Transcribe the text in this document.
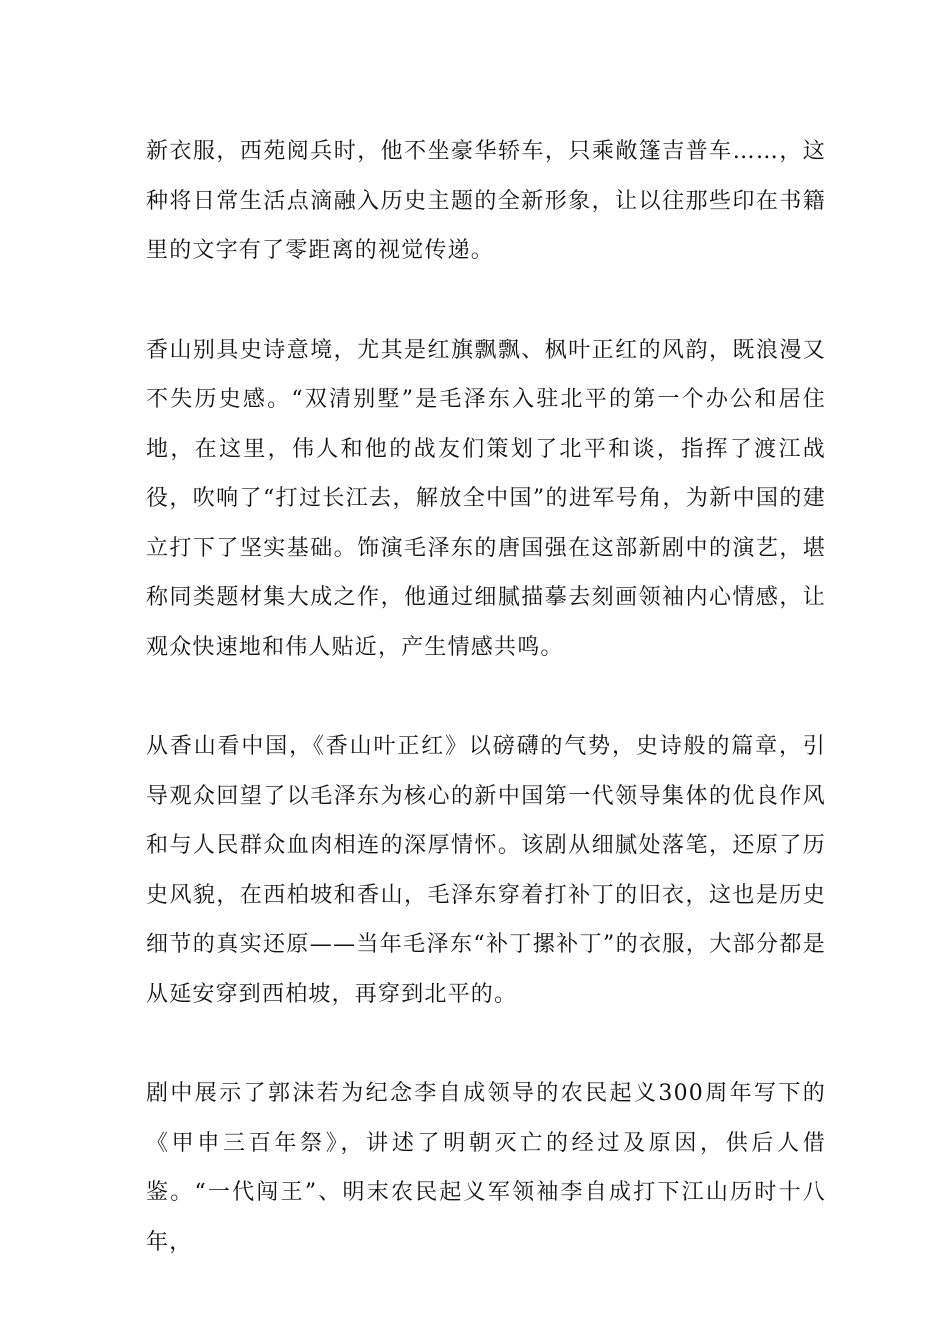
新衣服，西苑阅兵时，他不坐豪华轿车，只乘敞篷吉普车……，这种将日常生活点滴融入历史主题的全新形象，让以往那些印在书籍里的文字有了零距离的视觉传递。

香山别具史诗意境，尤其是红旗飘飘、枫叶正红的风韵，既浪漫又不失历史感。“双清别墅”是毛泽东入驻北平的第一个办公和居住地，在这里，伟人和他的战友们策划了北平和谈，指挥了渡江战役，吹响了“打过长江去，解放全中国”的进军号角，为新中国的建立打下了坚实基础。饰演毛泽东的唐国强在这部新剧中的演艺，堪称同类题材集大成之作，他通过细腻描摹去刻画领袖内心情感，让观众快速地和伟人贴近，产生情感共鸣。

从香山看中国，《香山叶正红》以磅礴的气势，史诗般的篇章，引导观众回望了以毛泽东为核心的新中国第一代领导集体的优良作风和与人民群众血肉相连的深厚情怀。该剧从细腻处落笔，还原了历史风貌，在西柏坡和香山，毛泽东穿着打补丁的旧衣，这也是历史细节的真实还原——当年毛泽东“补丁摞补丁”的衣服，大部分都是从延安穿到西柏坡，再穿到北平的。

剧中展示了郭沫若为纪念李自成领导的农民起义300周年写下的《甲申三百年祭》，讲述了明朝灭亡的经过及原因，供后人借鉴。“一代闯王”、明末农民起义军领袖李自成打下江山历时十八年，
